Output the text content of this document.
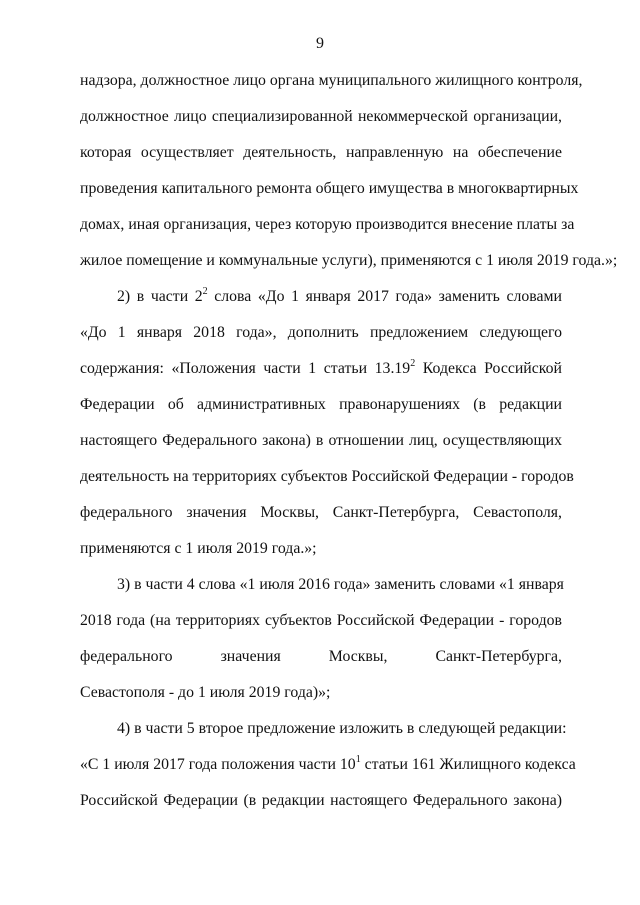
9
надзора, должностное лицо органа муниципального жилищного контроля,
должностное лицо специализированной некоммерческой организации,
которая осуществляет деятельность, направленную на обеспечение
проведения капитального ремонта общего имущества в многоквартирных
домах, иная организация, через которую производится внесение платы за
жилое помещение и коммунальные услуги), применяются с 1 июля 2019 года.»;
2) в части $2^2$ слова «До 1 января 2017 года» заменить словами
«До 1 января 2018 года», дополнить предложением следующего
содержания: «Положения части 1 статьи 13.19$^2$ Кодекса Российской
Федерации об административных правонарушениях (в редакции
настоящего Федерального закона) в отношении лиц, осуществляющих
деятельность на территориях субъектов Российской Федерации - городов
федерального значения Москвы, Санкт-Петербурга, Севастополя,
применяются с 1 июля 2019 года.»;
3) в части 4 слова «1 июля 2016 года» заменить словами «1 января
2018 года (на территориях субъектов Российской Федерации - городов
федерального значения Москвы, Санкт-Петербурга,
Севастополя - до 1 июля 2019 года)»;
4) в части 5 второе предложение изложить в следующей редакции:
«С 1 июля 2017 года положения части $10^1$ статьи 161 Жилищного кодекса
Российской Федерации (в редакции настоящего Федерального закона)
